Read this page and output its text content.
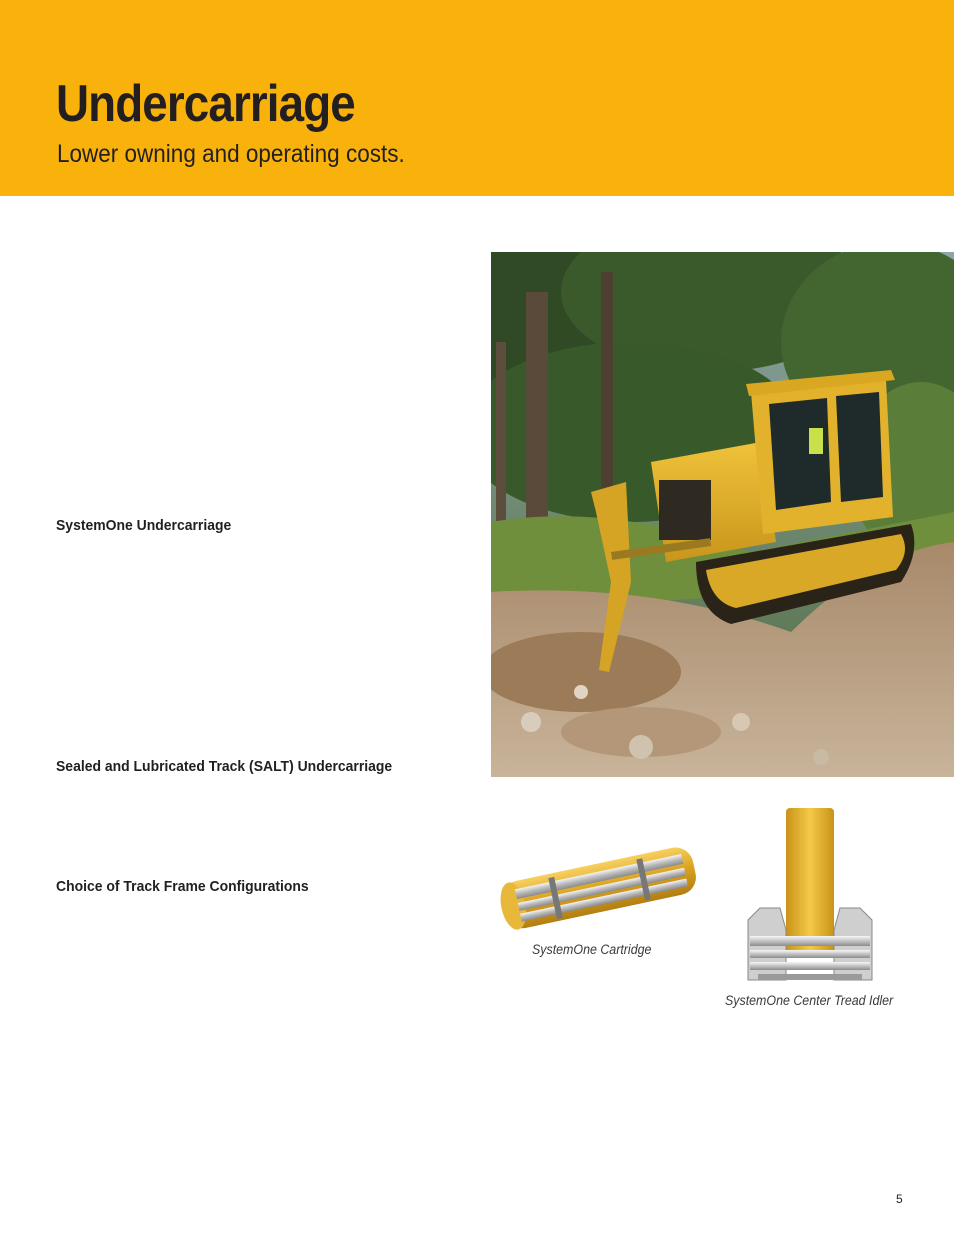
Undercarriage

Lower owning and operating costs.

SystemOne Undercarriage
Sealed and Lubricated Track (SALT) Undercarriage
Choice of Track Frame Configurations
SystemOne Cartridge
SystemOne Center Tread Idler
5
